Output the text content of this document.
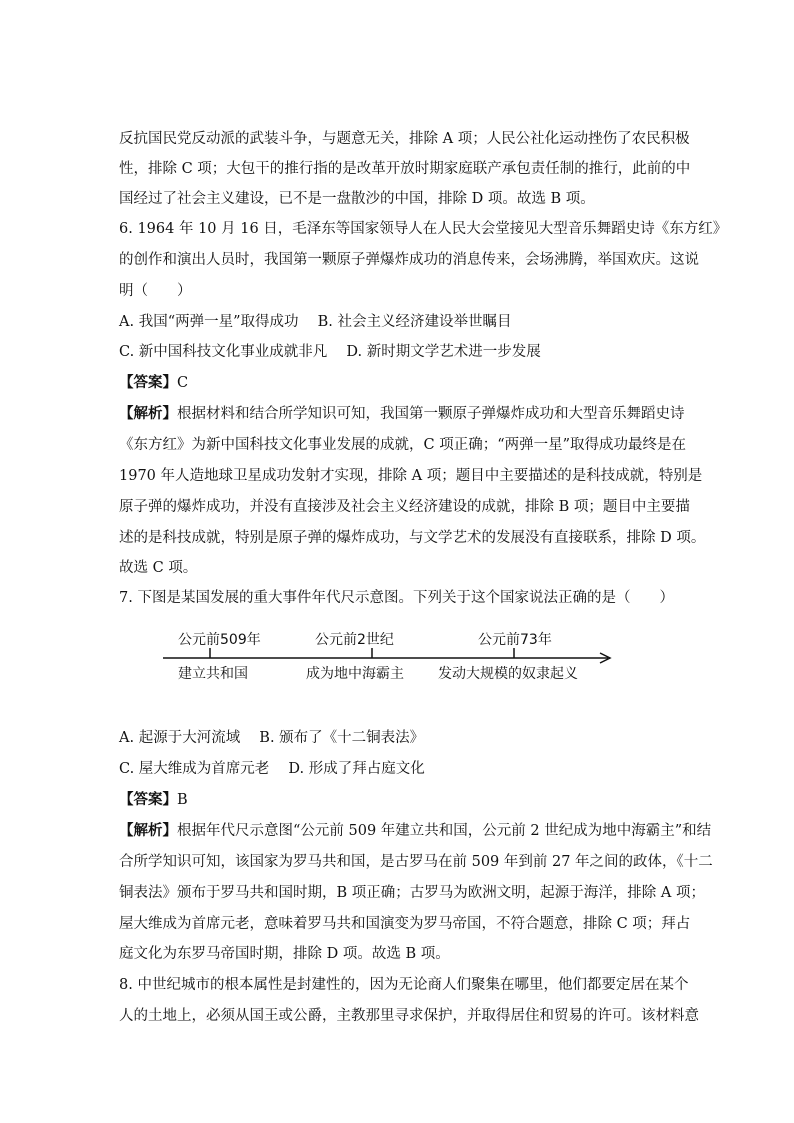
反抗国民党反动派的武装斗争，与题意无关，排除 A 项；人民公社化运动挫伤了农民积极
性，排除 C 项；大包干的推行指的是改革开放时期家庭联产承包责任制的推行，此前的中
国经过了社会主义建设，已不是一盘散沙的中国，排除 D 项。故选 B 项。
6. 1964 年 10 月 16 日，毛泽东等国家领导人在人民大会堂接见大型音乐舞蹈史诗《东方红》
的创作和演出人员时，我国第一颗原子弹爆炸成功的消息传来，会场沸腾，举国欢庆。这说
明（　　）
A. 我国“两弹一星”取得成功　 B. 社会主义经济建设举世瞩目
C. 新中国科技文化事业成就非凡　 D. 新时期文学艺术进一步发展
【答案】C
【解析】根据材料和结合所学知识可知，我国第一颗原子弹爆炸成功和大型音乐舞蹈史诗
《东方红》为新中国科技文化事业发展的成就，C 项正确；“两弹一星”取得成功最终是在
1970 年人造地球卫星成功发射才实现，排除 A 项；题目中主要描述的是科技成就，特别是
原子弹的爆炸成功，并没有直接涉及社会主义经济建设的成就，排除 B 项；题目中主要描
述的是科技成就，特别是原子弹的爆炸成功，与文学艺术的发展没有直接联系，排除 D 项。
故选 C 项。
7. 下图是某国发展的重大事件年代尺示意图。下列关于这个国家说法正确的是（　　）
公元前509年	公元前2世纪	公元前73年
建立共和国	成为地中海霸主 发动大规模的奴隶起义
A. 起源于大河流域　 B. 颁布了《十二铜表法》
C. 屋大维成为首席元老　 D. 形成了拜占庭文化
【答案】B
【解析】根据年代尺示意图“公元前 509 年建立共和国，公元前 2 世纪成为地中海霸主”和结
合所学知识可知，该国家为罗马共和国，是古罗马在前 509 年到前 27 年之间的政体，《十二
铜表法》颁布于罗马共和国时期，B 项正确；古罗马为欧洲文明，起源于海洋，排除 A 项；
屋大维成为首席元老，意味着罗马共和国演变为罗马帝国，不符合题意，排除 C 项；拜占
庭文化为东罗马帝国时期，排除 D 项。故选 B 项。
8. 中世纪城市的根本属性是封建性的，因为无论商人们聚集在哪里，他们都要定居在某个
人的土地上，必须从国王或公爵，主教那里寻求保护，并取得居住和贸易的许可。该材料意
